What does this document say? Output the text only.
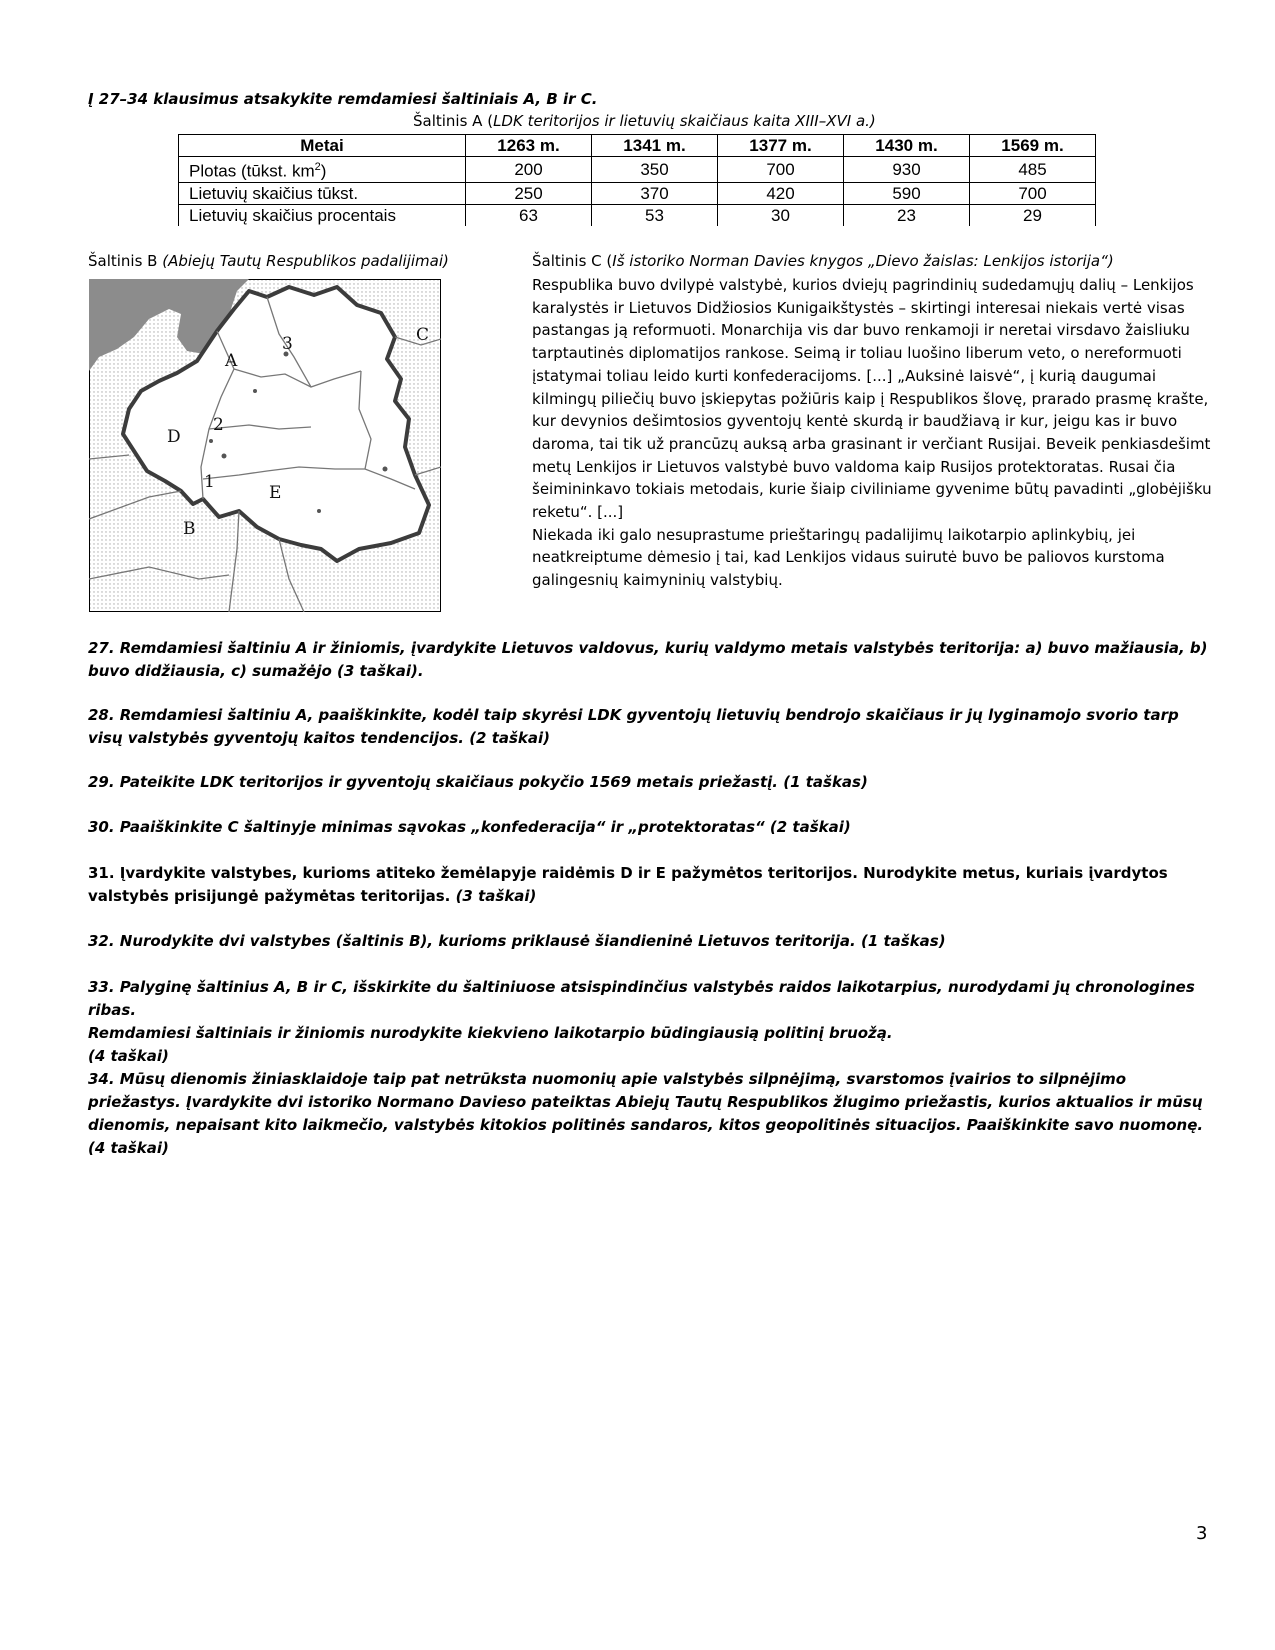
Į 27–34 klausimus atsakykite remdamiesi šaltiniais A, B ir C.
Šaltinis A (LDK teritorijos ir lietuvių skaičiaus kaita XIII–XVI a.)
Metai	1263 m.	1341 m.	1377 m.	1430 m.	1569 m.
Plotas (tūkst. $km^2$)	200	350	700	930	485
Lietuvių skaičius tūkst.	250	370	420	590	700
Lietuvių skaičius procentais	63	53	30	23	29
Šaltinis B (Abiejų Tautų Respublikos padalijimai)
A
B
C
D
E
1
2
3
Šaltinis C (Iš istoriko Norman Davies knygos „Dievo žaislas: Lenkijos istorija“)

Respublika buvo dvilypė valstybė, kurios dviejų pagrindinių sudedamųjų dalių – Lenkijos karalystės ir Lietuvos Didžiosios Kunigaikštystės – skirtingi interesai niekais vertė visas pastangas ją reformuoti. Monarchija vis dar buvo renkamoji ir neretai virsdavo žaisliuku tarptautinės diplomatijos rankose. Seimą ir toliau luošino liberum veto, o nereformuoti įstatymai toliau leido kurti konfederacijoms. [...] „Auksinė laisvė“, į kurią daugumai kilmingų piliečių buvo įskiepytas požiūris kaip į Respublikos šlovę, prarado prasmę krašte, kur devynios dešimtosios gyventojų kentė skurdą ir baudžiavą ir kur, jeigu kas ir buvo daroma, tai tik už prancūzų auksą arba grasinant ir verčiant Rusijai. Beveik penkiasdešimt metų Lenkijos ir Lietuvos valstybė buvo valdoma kaip Rusijos protektoratas. Rusai čia šeimininkavo tokiais metodais, kurie šiaip civiliniame gyvenime būtų pavadinti „globėjišku reketu“. [...]

Niekada iki galo nesuprastume prieštaringų padalijimų laikotarpio aplinkybių, jei neatkreiptume dėmesio į tai, kad Lenkijos vidaus suirutė buvo be paliovos kurstoma galingesnių kaimyninių valstybių.

27. Remdamiesi šaltiniu A ir žiniomis, įvardykite Lietuvos valdovus, kurių valdymo metais valstybės teritorija: a) buvo mažiausia, b) buvo didžiausia, c) sumažėjo (3 taškai).
28. Remdamiesi šaltiniu A, paaiškinkite, kodėl taip skyrėsi LDK gyventojų lietuvių bendrojo skaičiaus ir jų lyginamojo svorio tarp visų valstybės gyventojų kaitos tendencijos. (2 taškai)
29. Pateikite LDK teritorijos ir gyventojų skaičiaus pokyčio 1569 metais priežastį. (1 taškas)
30. Paaiškinkite C šaltinyje minimas sąvokas „konfederacija“ ir „protektoratas“ (2 taškai)
31. Įvardykite valstybes, kurioms atiteko žemėlapyje raidėmis D ir E pažymėtos teritorijos. Nurodykite metus, kuriais įvardytos valstybės prisijungė pažymėtas teritorijas. (3 taškai)
32. Nurodykite dvi valstybes (šaltinis B), kurioms priklausė šiandieninė Lietuvos teritorija. (1 taškas)
33. Palyginę šaltinius A, B ir C, išskirkite du šaltiniuose atsispindinčius valstybės raidos laikotarpius, nurodydami jų chronologines ribas.
Remdamiesi šaltiniais ir žiniomis nurodykite kiekvieno laikotarpio būdingiausią politinį bruožą.
(4 taškai)
34. Mūsų dienomis žiniasklaidoje taip pat netrūksta nuomonių apie valstybės silpnėjimą, svarstomos įvairios to silpnėjimo priežastys. Įvardykite dvi istoriko Normano Davieso pateiktas Abiejų Tautų Respublikos žlugimo priežastis, kurios aktualios ir mūsų dienomis, nepaisant kito laikmečio, valstybės kitokios politinės sandaros, kitos geopolitinės situacijos. Paaiškinkite savo nuomonę. (4 taškai)
3
